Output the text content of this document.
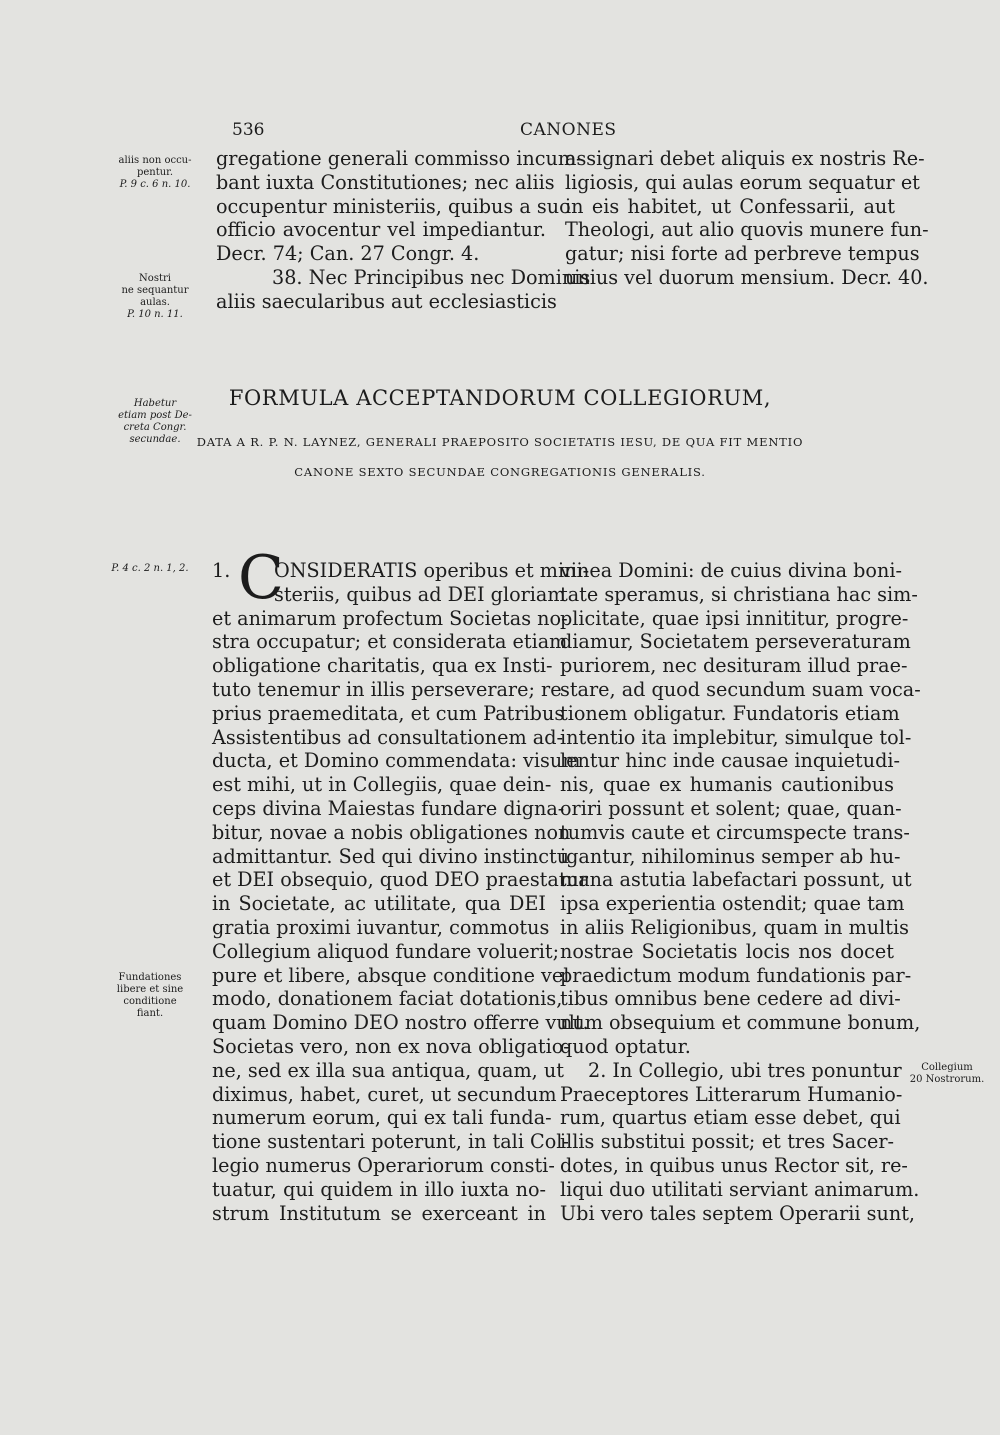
536	CANONES
aliis non occu-
pentur.
P. 9 c. 6 n. 10.
Nostri
ne sequantur
aulas.
P. 10 n. 11.
Habetur
etiam post De-
creta Congr.
secundae.
P. 4 c. 2 n. 1, 2.
Fundationes
libere et sine
conditione
fiant.
Collegium
20 Nostrorum.
gregatione generali commisso incum-
bant iuxta Constitutiones; nec aliis
occupentur ministeriis, quibus a suo
officio avocentur vel impediantur.
Decr. 74; Can. 27 Congr. 4.
38. Nec Principibus nec Dominis
aliis saecularibus aut ecclesiasticis
assignari debet aliquis ex nostris Re-
ligiosis, qui aulas eorum sequatur et
in eis habitet, ut Confessarii, aut
Theologi, aut alio quovis munere fun-
gatur; nisi forte ad perbreve tempus
unius vel duorum mensium. Decr. 40.
FORMULA ACCEPTANDORUM COLLEGIORUM,
DATA A R. P. N. LAYNEZ, GENERALI PRAEPOSITO SOCIETATIS IESU, DE QUA FIT MENTIO
CANONE SEXTO SECUNDAE CONGREGATIONIS GENERALIS.
C
1. ONSIDERATIS operibus et mini-
steriis, quibus ad DEI gloriam
et animarum profectum Societas no-
stra occupatur; et considerata etiam
obligatione charitatis, qua ex Insti-
tuto tenemur in illis perseverare; re
prius praemeditata, et cum Patribus
Assistentibus ad consultationem ad-
ducta, et Domino commendata: visum
est mihi, ut in Collegiis, quae dein-
ceps divina Maiestas fundare digna-
bitur, novae a nobis obligationes non
admittantur. Sed qui divino instinctu
et DEI obsequio, quod DEO praestatur
in Societate, ac utilitate, qua DEI
gratia proximi iuvantur, commotus
Collegium aliquod fundare voluerit;
pure et libere, absque conditione vel
modo, donationem faciat dotationis,
quam Domino DEO nostro offerre vult.
Societas vero, non ex nova obligatio-
ne, sed ex illa sua antiqua, quam, ut
diximus, habet, curet, ut secundum
numerum eorum, qui ex tali funda-
tione sustentari poterunt, in tali Col-
legio numerus Operariorum consti-
tuatur, qui quidem in illo iuxta no-
strum Institutum se exerceant in
vinea Domini: de cuius divina boni-
tate speramus, si christiana hac sim-
plicitate, quae ipsi innititur, progre-
diamur, Societatem perseveraturam
puriorem, nec desituram illud prae-
stare, ad quod secundum suam voca-
tionem obligatur. Fundatoris etiam
intentio ita implebitur, simulque tol-
lentur hinc inde causae inquietudi-
nis, quae ex humanis cautionibus
oriri possunt et solent; quae, quan-
tumvis caute et circumspecte trans-
igantur, nihilominus semper ab hu-
mana astutia labefactari possunt, ut
ipsa experientia ostendit; quae tam
in aliis Religionibus, quam in multis
nostrae Societatis locis nos docet
praedictum modum fundationis par-
tibus omnibus bene cedere ad divi-
num obsequium et commune bonum,
quod optatur.
2. In Collegio, ubi tres ponuntur
Praeceptores Litterarum Humanio-
rum, quartus etiam esse debet, qui
illis substitui possit; et tres Sacer-
dotes, in quibus unus Rector sit, re-
liqui duo utilitati serviant animarum.
Ubi vero tales septem Operarii sunt,
